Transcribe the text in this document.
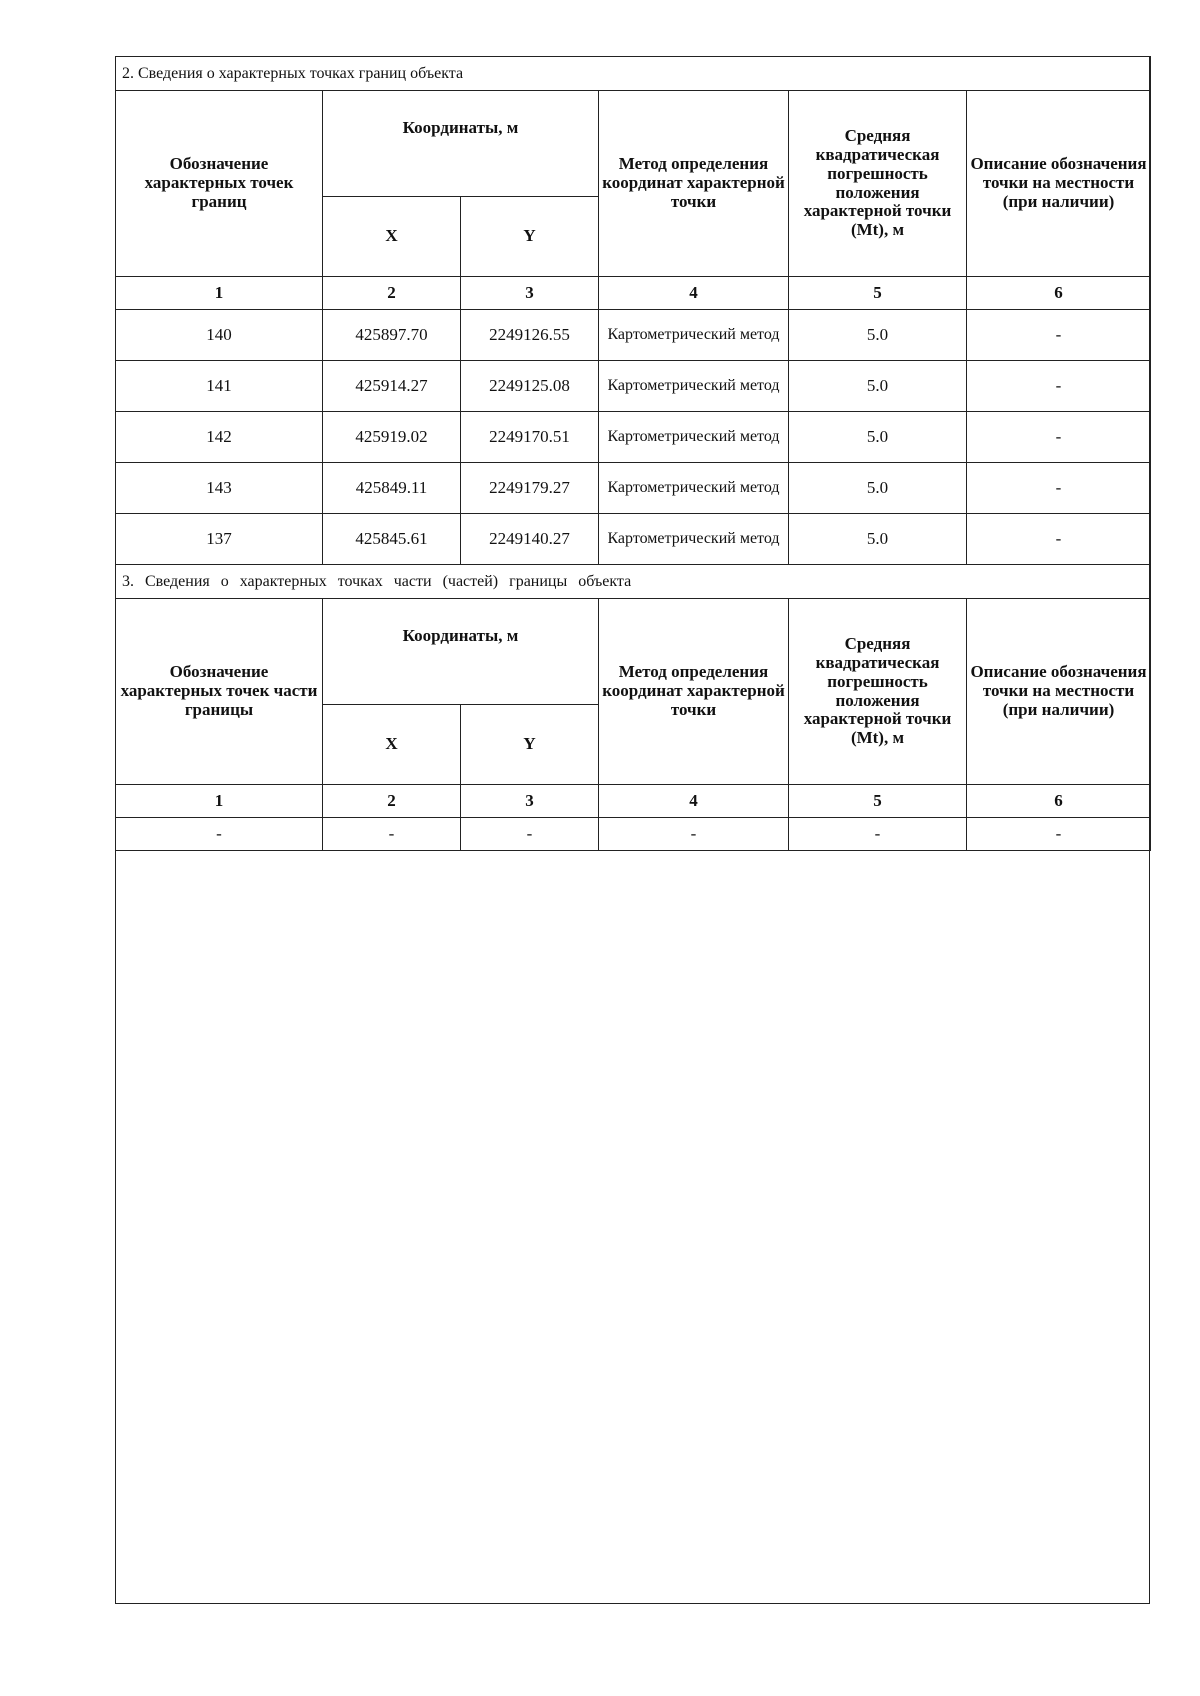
2. Сведения о характерных точках границ объекта					
Обозначение характерных точек границ	Координаты, м		Метод определения координат характерной точки	Средняя квадратическая погрешность положения характерной точки (Mt), м	Описание обозначения точки на местности (при наличии)
	X	Y			
1	2	3	4	5	6
140	425897.70	2249126.55	Картометрический метод	5.0	-
141	425914.27	2249125.08	Картометрический метод	5.0	-
142	425919.02	2249170.51	Картометрический метод	5.0	-
143	425849.11	2249179.27	Картометрический метод	5.0	-
137	425845.61	2249140.27	Картометрический метод	5.0	-
3. Сведения о характерных точках части (частей) границы объекта					
Обозначение характерных точек части границы	Координаты, м		Метод определения координат характерной точки	Средняя квадратическая погрешность положения характерной точки (Mt), м	Описание обозначения точки на местности (при наличии)
	X	Y			
1	2	3	4	5	6
-	-	-	-	-	-
